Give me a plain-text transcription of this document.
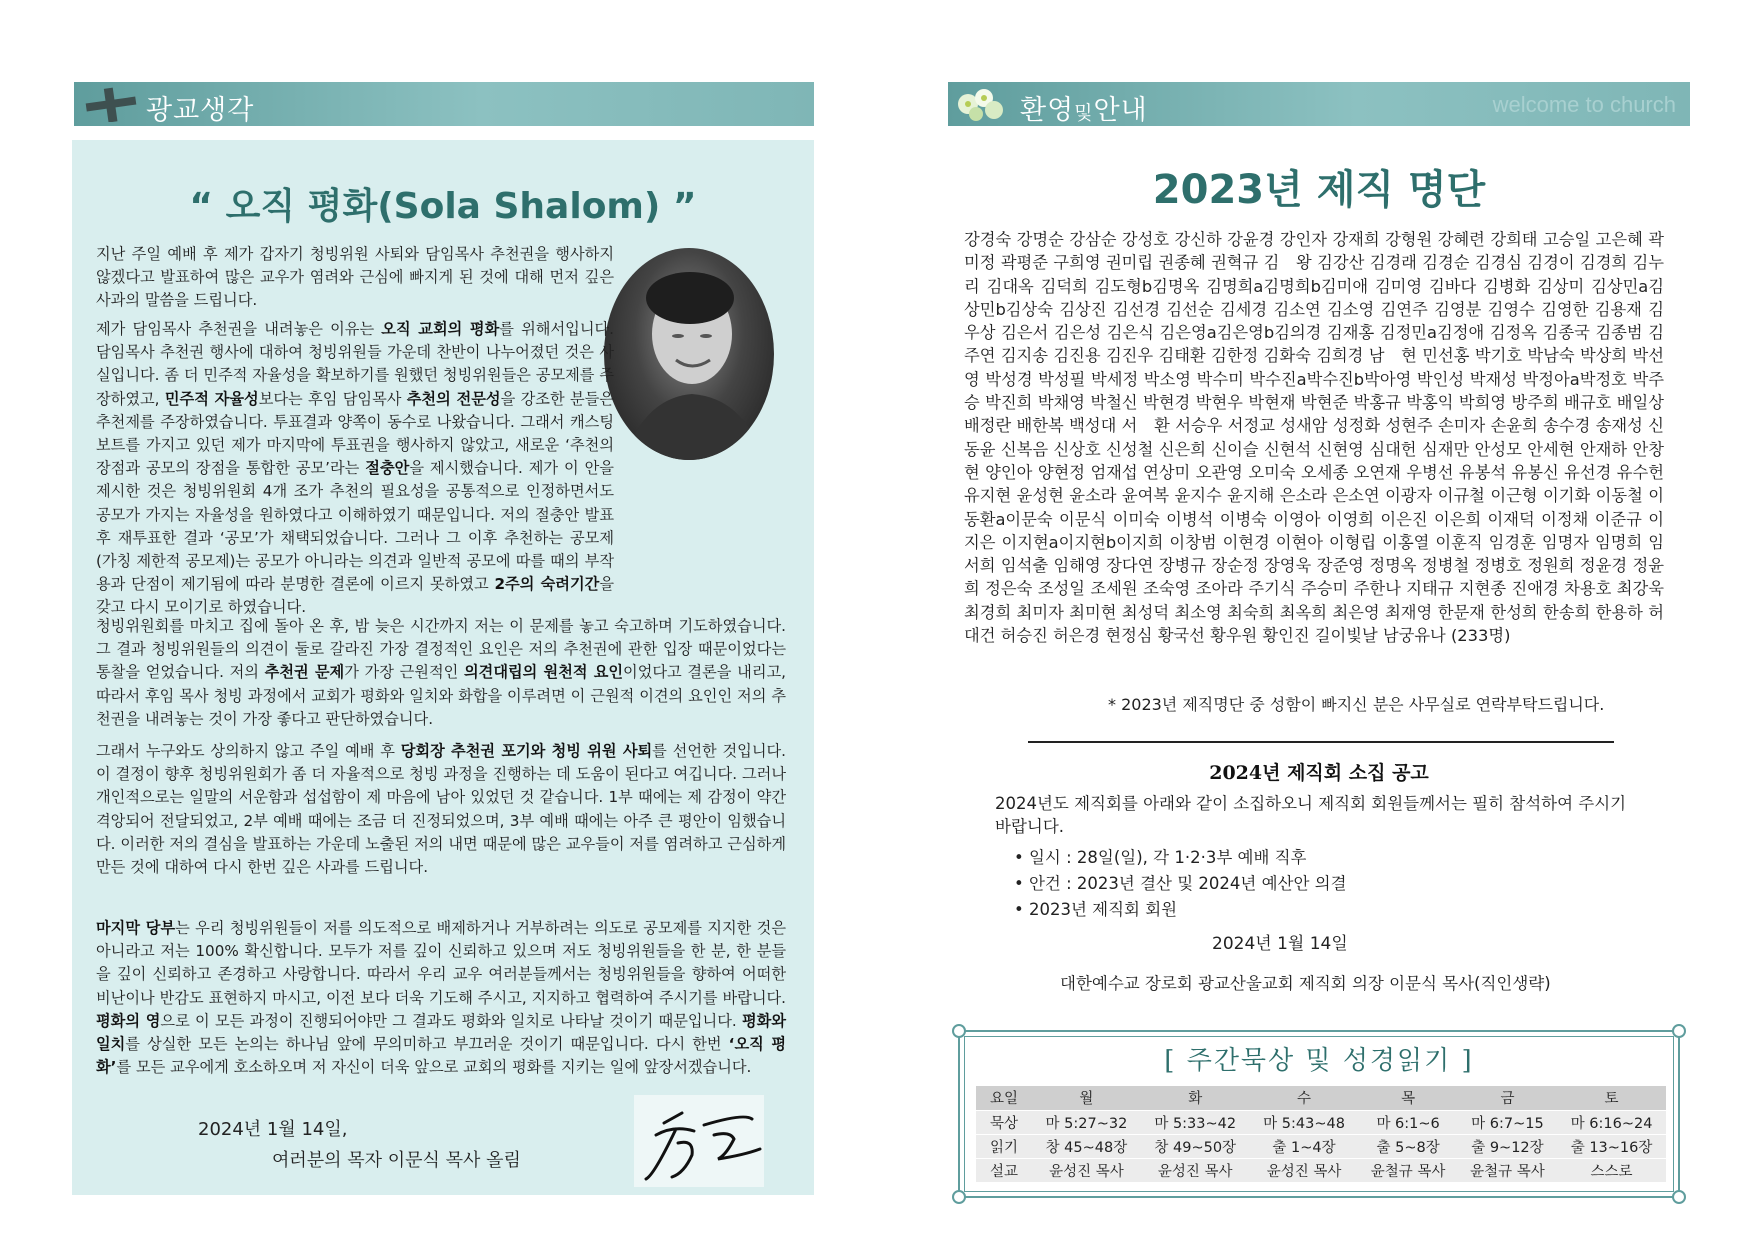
광교생각	환영및안내	welcome to church
“ 오직 평화(Sola Shalom) ”

지난 주일 예배 후 제가 갑자기 청빙위원 사퇴와 담임목사 추천권을 행사하지 않겠다고 발표하여 많은 교우가 염려와 근심에 빠지게 된 것에 대해 먼저 깊은 사과의 말씀을 드립니다.

제가 담임목사 추천권을 내려놓은 이유는 오직 교회의 평화를 위해서입니다. 담임목사 추천권 행사에 대하여 청빙위원들 가운데 찬반이 나누어졌던 것은 사실입니다. 좀 더 민주적 자율성을 확보하기를 원했던 청빙위원들은 공모제를 주장하였고, 민주적 자율성보다는 후임 담임목사 추천의 전문성을 강조한 분들은 추천제를 주장하였습니다. 투표결과 양쪽이 동수로 나왔습니다. 그래서 캐스팅 보트를 가지고 있던 제가 마지막에 투표권을 행사하지 않았고, 새로운 ‘추천의 장점과 공모의 장점을 통합한 공모’라는 절충안을 제시했습니다. 제가 이 안을 제시한 것은 청빙위원회 4개 조가 추천의 필요성을 공통적으로 인정하면서도 공모가 가지는 자율성을 원하였다고 이해하였기 때문입니다. 저의 절충안 발표 후 재투표한 결과 ‘공모’가 채택되었습니다. 그러나 그 이후 추천하는 공모제(가칭 제한적 공모제)는 공모가 아니라는 의견과 일반적 공모에 따를 때의 부작용과 단점이 제기됨에 따라 분명한 결론에 이르지 못하였고 2주의 숙려기간을 갖고 다시 모이기로 하였습니다.

청빙위원회를 마치고 집에 돌아 온 후, 밤 늦은 시간까지 저는 이 문제를 놓고 숙고하며 기도하였습니다. 그 결과 청빙위원들의 의견이 둘로 갈라진 가장 결정적인 요인은 저의 추천권에 관한 입장 때문이었다는 통찰을 얻었습니다. 저의 추천권 문제가 가장 근원적인 의견대립의 원천적 요인이었다고 결론을 내리고, 따라서 후임 목사 청빙 과정에서 교회가 평화와 일치와 화합을 이루려면 이 근원적 이견의 요인인 저의 추천권을 내려놓는 것이 가장 좋다고 판단하였습니다.

그래서 누구와도 상의하지 않고 주일 예배 후 당회장 추천권 포기와 청빙 위원 사퇴를 선언한 것입니다. 이 결정이 향후 청빙위원회가 좀 더 자율적으로 청빙 과정을 진행하는 데 도움이 된다고 여깁니다. 그러나 개인적으로는 일말의 서운함과 섭섭함이 제 마음에 남아 있었던 것 같습니다. 1부 때에는 제 감정이 약간 격앙되어 전달되었고, 2부 예배 때에는 조금 더 진정되었으며, 3부 예배 때에는 아주 큰 평안이 임했습니다. 이러한 저의 결심을 발표하는 가운데 노출된 저의 내면 때문에 많은 교우들이 저를 염려하고 근심하게 만든 것에 대하여 다시 한번 깊은 사과를 드립니다.

마지막 당부는 우리 청빙위원들이 저를 의도적으로 배제하거나 거부하려는 의도로 공모제를 지지한 것은 아니라고 저는 100% 확신합니다. 모두가 저를 깊이 신뢰하고 있으며 저도 청빙위원들을 한 분, 한 분들을 깊이 신뢰하고 존경하고 사랑합니다. 따라서 우리 교우 여러분들께서는 청빙위원들을 향하여 어떠한 비난이나 반감도 표현하지 마시고, 이전 보다 더욱 기도해 주시고, 지지하고 협력하여 주시기를 바랍니다. 평화의 영으로 이 모든 과정이 진행되어야만 그 결과도 평화와 일치로 나타날 것이기 때문입니다. 평화와 일치를 상실한 모든 논의는 하나님 앞에 무의미하고 부끄러운 것이기 때문입니다. 다시 한번 ‘오직 평화’를 모든 교우에게 호소하오며 저 자신이 더욱 앞으로 교회의 평화를 지키는 일에 앞장서겠습니다.

2024년 1월 14일,
여러분의 목자 이문식 목사 올림
2023년 제직 명단

강경숙 강명순 강삼순 강성호 강신하 강윤경 강인자 강재희 강형원 강혜련 강희태 고승일 고은혜 곽미정 곽평준 구희영 권미립 권종혜 권혁규 김　왕 김강산 김경래 김경순 김경심 김경이 김경희 김누리 김대옥 김덕희 김도형b김명옥 김명희a김명희b김미애 김미영 김바다 김병화 김상미 김상민a김상민b김상숙 김상진 김선경 김선순 김세경 김소연 김소영 김연주 김영분 김영수 김영한 김용재 김우상 김은서 김은성 김은식 김은영a김은영b김의경 김재홍 김정민a김정애 김정옥 김종국 김종범 김주연 김지송 김진용 김진우 김태환 김한정 김화숙 김희경 남　현 민선홍 박기호 박남숙 박상희 박선영 박성경 박성필 박세정 박소영 박수미 박수진a박수진b박아영 박인성 박재성 박정아a박정호 박주승 박진희 박채영 박철신 박현경 박현우 박현재 박현준 박홍규 박홍익 박희영 방주희 배규호 배일상 배정란 배한복 백성대 서　환 서승우 서정교 성새암 성정화 성현주 손미자 손윤희 송수경 송재성 신동윤 신복음 신상호 신성철 신은희 신이슬 신현석 신현영 심대헌 심재만 안성모 안세현 안재하 안창현 양인아 양현정 엄재섭 연상미 오관영 오미숙 오세종 오연재 우병선 유봉석 유봉신 유선경 유수헌 유지현 윤성현 윤소라 윤여복 윤지수 윤지해 은소라 은소연 이광자 이규철 이근형 이기화 이동철 이동환a이문숙 이문식 이미숙 이병석 이병숙 이영아 이영희 이은진 이은희 이재덕 이정채 이준규 이지은 이지현a이지현b이지희 이창범 이현경 이현아 이형립 이홍열 이훈직 임경훈 임명자 임명희 임서희 임석출 임해영 장다연 장병규 장순정 장영욱 장준영 정명옥 정병철 정병호 정원희 정윤경 정윤희 정은숙 조성일 조세원 조숙영 조아라 주기식 주승미 주한나 지태규 지현종 진애경 차용호 최강욱 최경희 최미자 최미현 최성덕 최소영 최숙희 최옥희 최은영 최재영 한문재 한성희 한송희 한용하 허대건 허승진 허은경 현정심 황국선 황우원 황인진 길이빛날 남궁유나 (233명)

* 2023년 제직명단 중 성함이 빠지신 분은 사무실로 연락부탁드립니다.
2024년 제직회 소집 공고

2024년도 제직회를 아래와 같이 소집하오니 제직회 회원들께서는 필히 참석하여 주시기 바랍니다.

• 일시 : 28일(일), 각 1·2·3부 예배 직후
• 안건 : 2023년 결산 및 2024년 예산안 의결
• 2023년 제직회 회원
2024년 1월 14일
대한예수교 장로회 광교산울교회 제직회 의장 이문식 목사(직인생략)
[ 주간묵상 및 성경읽기 ]
요일	월	화	수	목	금	토
묵상	마 5:27~32	마 5:33~42	마 5:43~48	마 6:1~6	마 6:7~15	마 6:16~24
읽기	창 45~48장	창 49~50장	출 1~4장	출 5~8장	출 9~12장	출 13~16장
설교	윤성진 목사	윤성진 목사	윤성진 목사	윤철규 목사	윤철규 목사	스스로
